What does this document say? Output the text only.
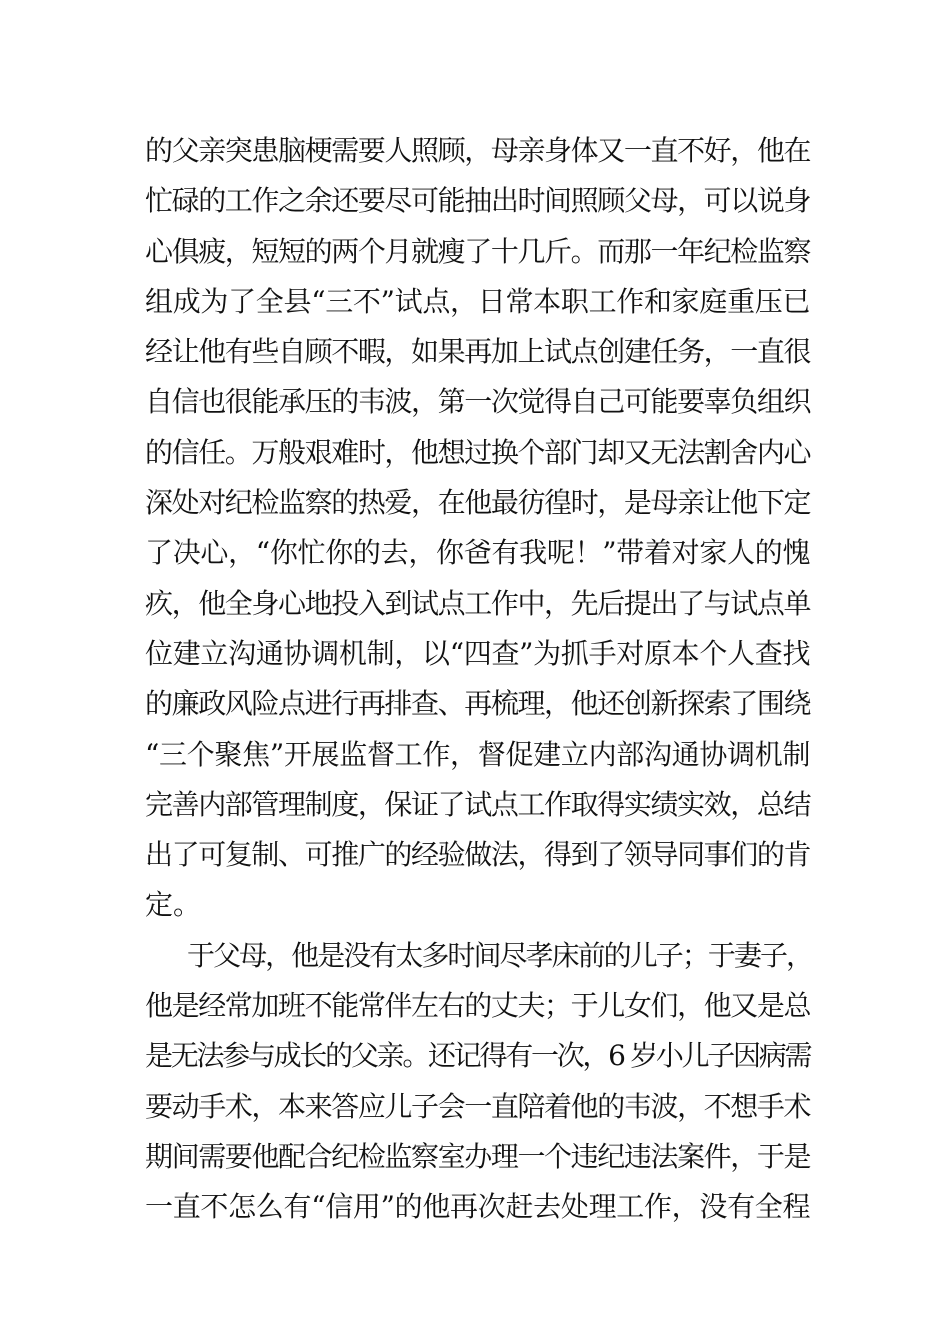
的父亲突患脑梗需要人照顾，母亲身体又一直不好，他在
忙碌的工作之余还要尽可能抽出时间照顾父母，可以说身
心俱疲，短短的两个月就瘦了十几斤。而那一年纪检监察
组成为了全县“三不”试点，日常本职工作和家庭重压已
经让他有些自顾不暇，如果再加上试点创建任务，一直很
自信也很能承压的韦波，第一次觉得自己可能要辜负组织
的信任。万般艰难时，他想过换个部门却又无法割舍内心
深处对纪检监察的热爱，在他最彷徨时，是母亲让他下定
了决心，“你忙你的去，你爸有我呢！”带着对家人的愧
疚，他全身心地投入到试点工作中，先后提出了与试点单
位建立沟通协调机制，以“四查”为抓手对原本个人查找
的廉政风险点进行再排查、再梳理，他还创新探索了围绕
“三个聚焦”开展监督工作，督促建立内部沟通协调机制
完善内部管理制度，保证了试点工作取得实绩实效，总结
出了可复制、可推广的经验做法，得到了领导同事们的肯
定。
于父母，他是没有太多时间尽孝床前的儿子；于妻子，
他是经常加班不能常伴左右的丈夫；于儿女们，他又是总
是无法参与成长的父亲。还记得有一次，6 岁小儿子因病需
要动手术，本来答应儿子会一直陪着他的韦波，不想手术
期间需要他配合纪检监察室办理一个违纪违法案件，于是
一直不怎么有“信用”的他再次赶去处理工作，没有全程
